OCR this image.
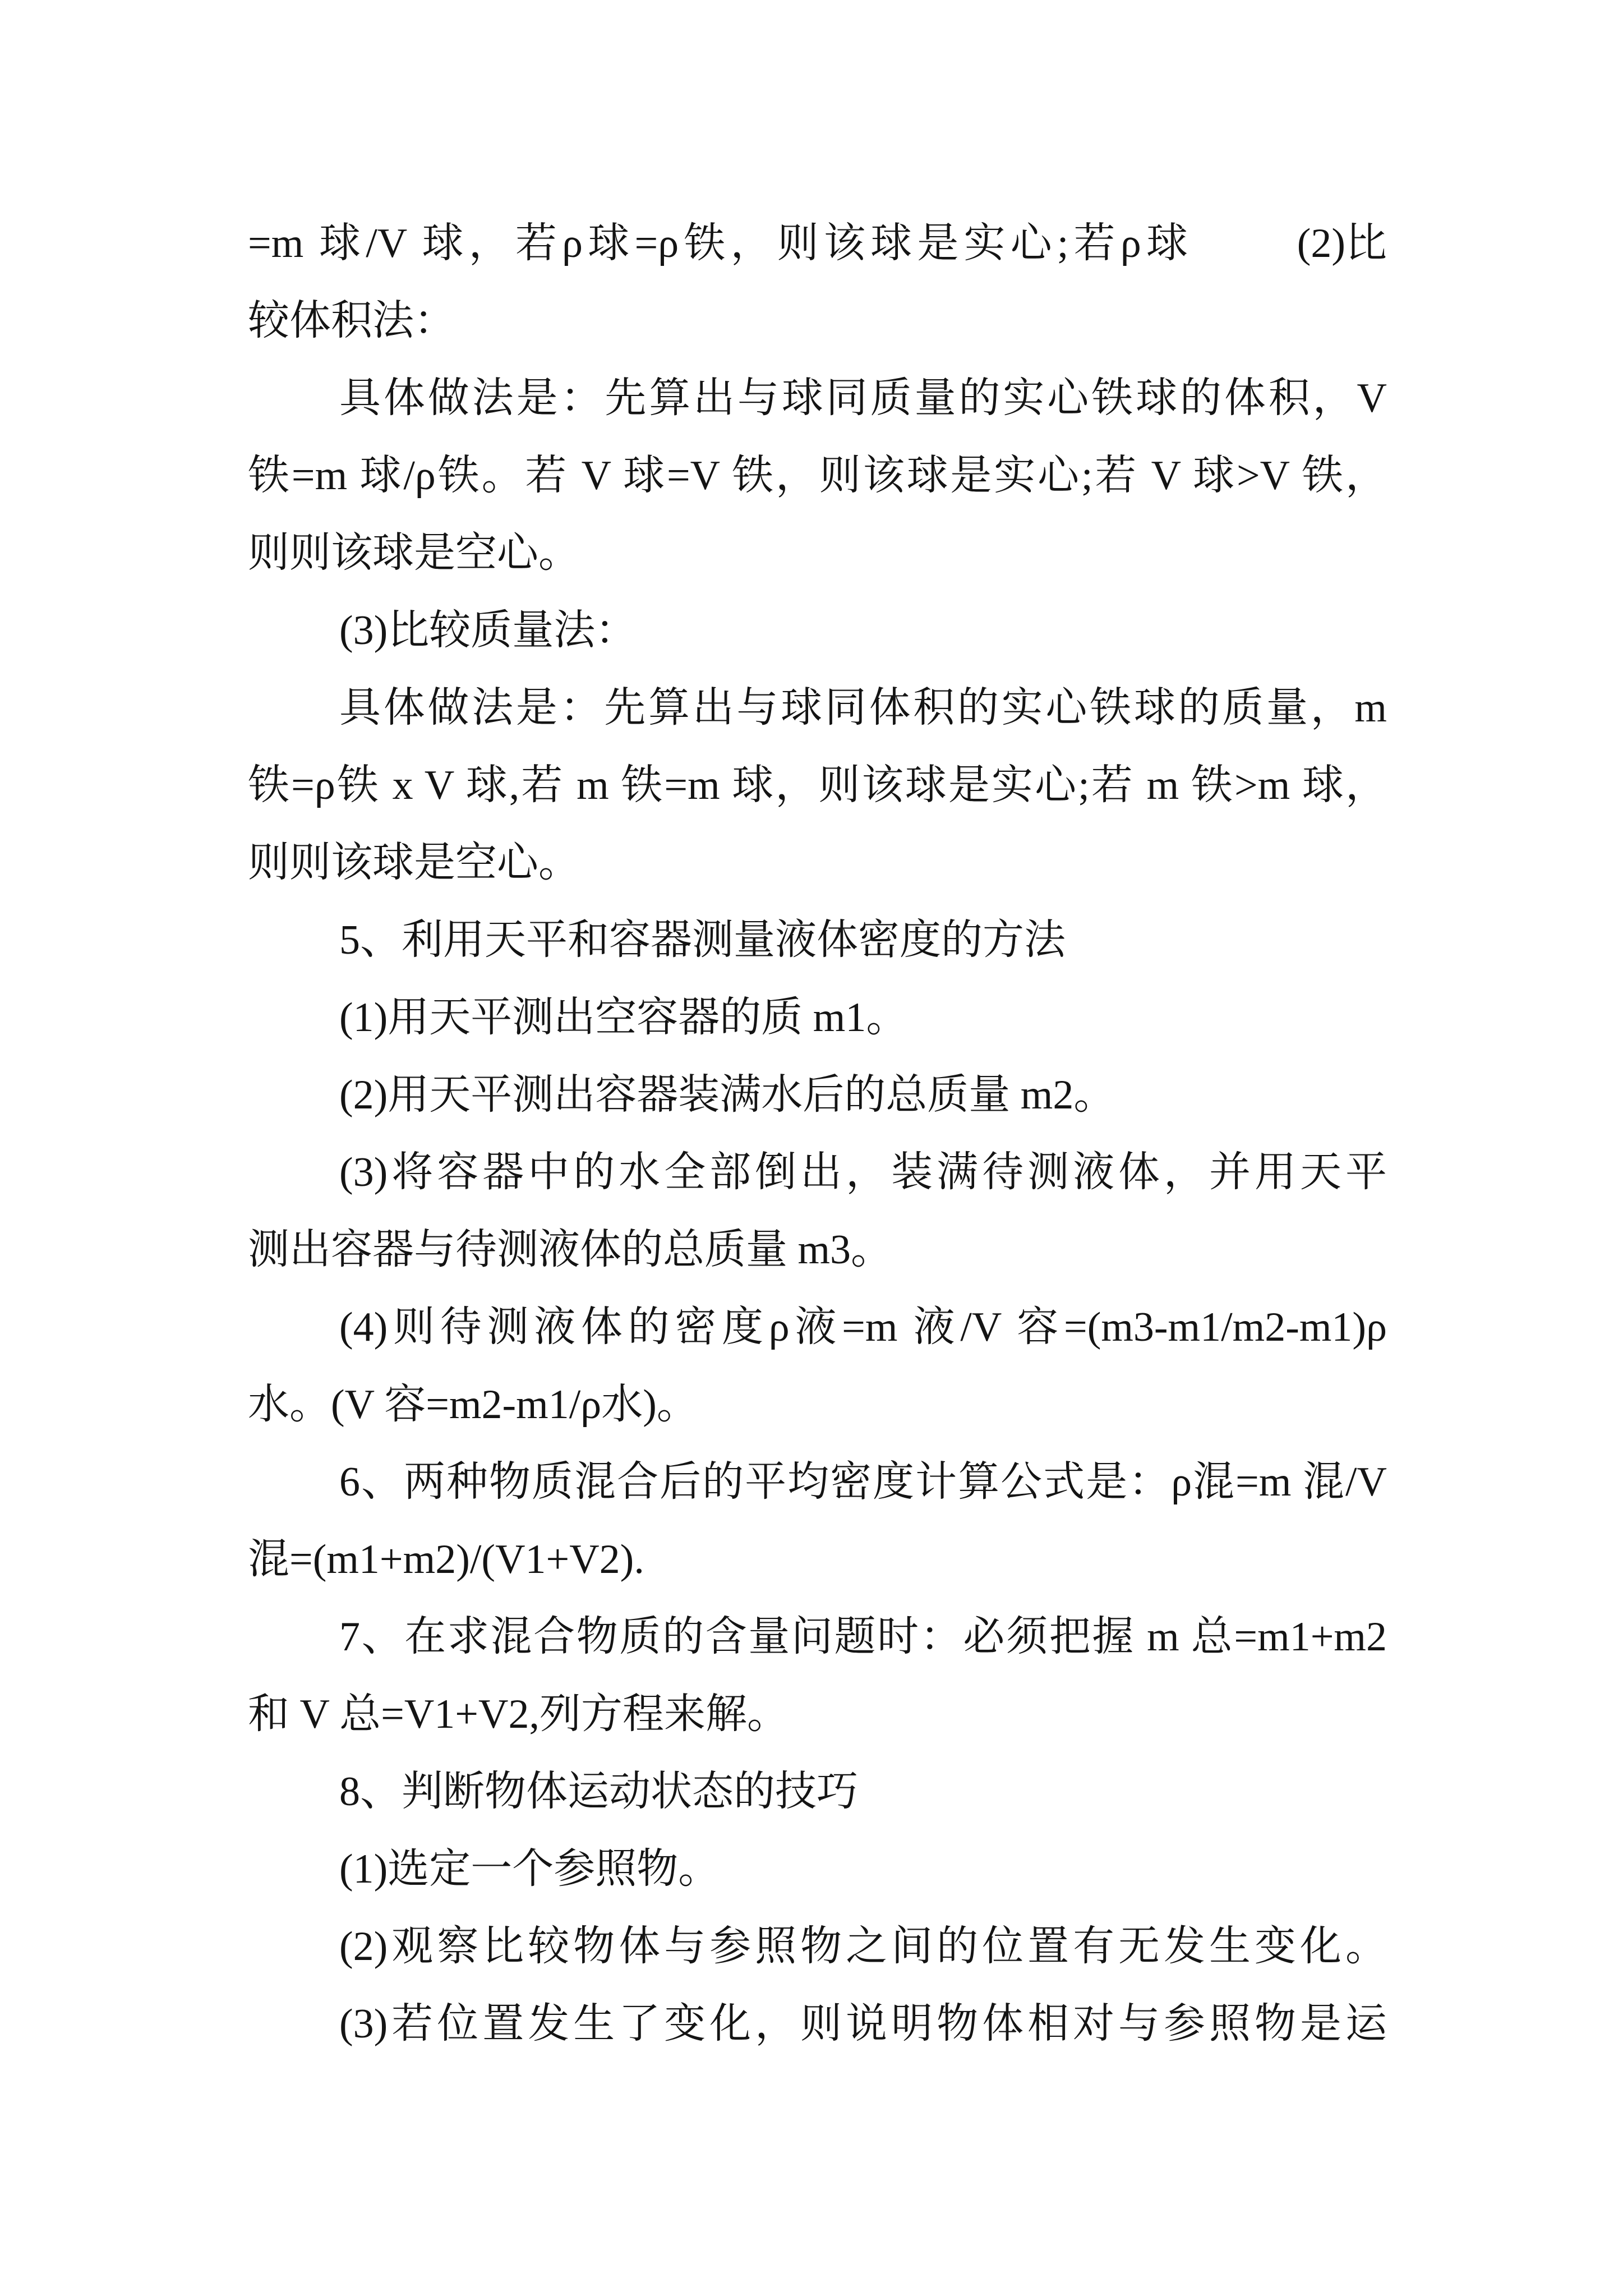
=m 球/V 球，若ρ球=ρ铁，则该球是实心;若ρ球	(2)比
较体积法：
具体做法是：先算出与球同质量的实心铁球的体积，V
铁=m 球/ρ铁。若 V 球=V 铁，则该球是实心;若 V 球>V 铁，
则则该球是空心。
(3)比较质量法：
具体做法是：先算出与球同体积的实心铁球的质量，m
铁=ρ铁 x V 球,若 m 铁=m 球，则该球是实心;若 m 铁>m 球，
则则该球是空心。
5、利用天平和容器测量液体密度的方法
(1)用天平测出空容器的质 m1。
(2)用天平测出容器装满水后的总质量 m2。
(3)将容器中的水全部倒出，装满待测液体，并用天平
测出容器与待测液体的总质量 m3。
(4)则待测液体的密度ρ液=m 液/V 容=(m3-m1/m2-m1)ρ
水。(V 容=m2-m1/ρ水)。
6、两种物质混合后的平均密度计算公式是：ρ混=m 混/V
混=(m1+m2)/(V1+V2).
7、在求混合物质的含量问题时：必须把握 m 总=m1+m2
和 V 总=V1+V2,列方程来解。
8、判断物体运动状态的技巧
(1)选定一个参照物。
(2)观察比较物体与参照物之间的位置有无发生变化。
(3)若位置发生了变化，则说明物体相对与参照物是运
